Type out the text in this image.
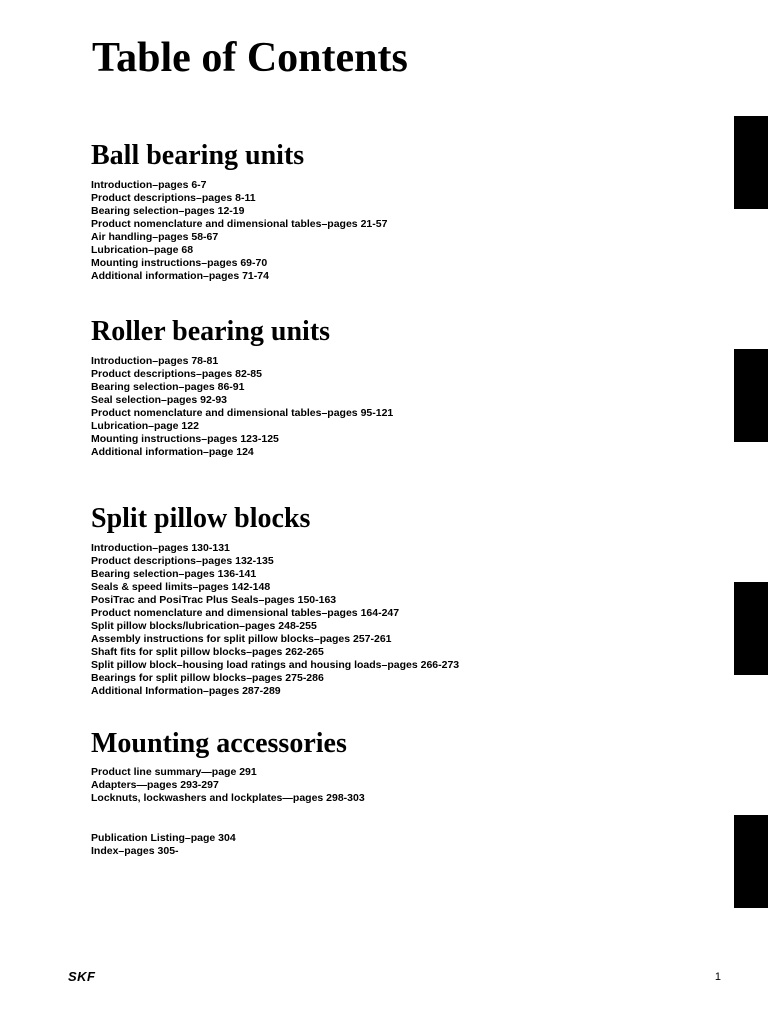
Table of Contents
Ball bearing units
Introduction–pages 6-7
Product descriptions–pages 8-11
Bearing selection–pages 12-19
Product nomenclature and dimensional tables–pages 21-57
Air handling–pages 58-67
Lubrication–page 68
Mounting instructions–pages 69-70
Additional information–pages 71-74
Roller bearing units
Introduction–pages 78-81
Product descriptions–pages 82-85
Bearing selection–pages 86-91
Seal selection–pages 92-93
Product nomenclature and dimensional tables–pages 95-121
Lubrication–page 122
Mounting instructions–pages 123-125
Additional information–page 124
Split pillow blocks
Introduction–pages 130-131
Product descriptions–pages 132-135
Bearing selection–pages 136-141
Seals & speed limits–pages 142-148
PosiTrac and PosiTrac Plus Seals–pages 150-163
Product nomenclature and dimensional tables–pages 164-247
Split pillow blocks/lubrication–pages 248-255
Assembly instructions for split pillow blocks–pages 257-261
Shaft fits for split pillow blocks–pages 262-265
Split pillow block–housing load ratings and housing loads–pages 266-273
Bearings for split pillow blocks–pages 275-286
Additional Information–pages 287-289
Mounting accessories
Product line summary—page 291
Adapters—pages 293-297
Locknuts, lockwashers and lockplates—pages 298-303
Publication Listing–page 304
Index–pages 305-
SKF	1
